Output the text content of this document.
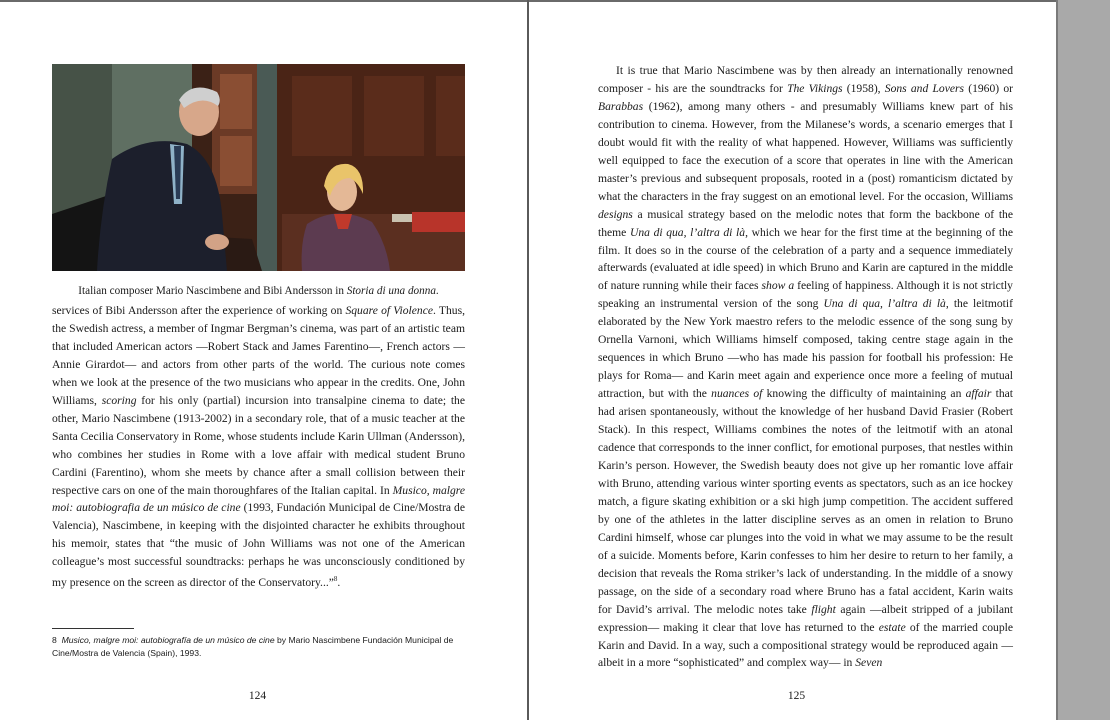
Italian composer Mario Nascimbene and Bibi Andersson in Storia di una donna.

services of Bibi Andersson after the experience of working on Square of Violence. Thus, the Swedish actress, a member of Ingmar Bergman’s cinema, was part of an artistic team that included American actors —Robert Stack and James Farentino—, French actors —Annie Girardot— and actors from other parts of the world. The curious note comes when we look at the presence of the two musicians who appear in the credits. One, John Williams, scoring for his only (partial) incursion into transalpine cinema to date; the other, Mario Nascimbene (1913-2002) in a secondary role, that of a music teacher at the Santa Cecilia Conservatory in Rome, whose students include Karin Ullman (Andersson), who combines her studies in Rome with a love affair with medical student Bruno Cardini (Farentino), whom she meets by chance after a small collision between their respective cars on one of the main thoroughfares of the Italian capital. In Musico, malgre moi: autobiografia de un músico de cine (1993, Fundación Municipal de Cine/Mostra de Valencia), Nascimbene, in keeping with the disjointed character he exhibits throughout his memoir, states that “the music of John Williams was not one of the American colleague’s most successful soundtracks: perhaps he was unconsciously conditioned by my presence on the screen as director of the Conservatory...”$^8$.

8 Musico, malgre moi: autobiografía de un músico de cine by Mario Nascimbene Fundación Municipal de Cine/Mostra de Valencia (Spain), 1993.
124

It is true that Mario Nascimbene was by then already an internationally renowned composer - his are the soundtracks for The Vikings (1958), Sons and Lovers (1960) or Barabbas (1962), among many others - and presumably Williams knew part of his contribution to cinema. However, from the Milanese’s words, a scenario emerges that I doubt would fit with the reality of what happened. However, Williams was sufficiently well equipped to face the execution of a score that operates in line with the American master’s previous and subsequent proposals, rooted in a (post) romanticism dictated by what the characters in the fray suggest on an emotional level. For the occasion, Williams designs a musical strategy based on the melodic notes that form the backbone of the theme Una di qua, l’altra di là, which we hear for the first time at the beginning of the film. It does so in the course of the celebration of a party and a sequence immediately afterwards (evaluated at idle speed) in which Bruno and Karin are captured in the middle of nature running while their faces show a feeling of happiness. Although it is not strictly speaking an instrumental version of the song Una di qua, l’altra di là, the leitmotif elaborated by the New York maestro refers to the melodic essence of the song sung by Ornella Varnoni, which Williams himself composed, taking centre stage again in the sequences in which Bruno —who has made his passion for football his profession: He plays for Roma— and Karin meet again and experience once more a feeling of mutual attraction, but with the nuances of knowing the difficulty of maintaining an affair that had arisen spontaneously, without the knowledge of her husband David Frasier (Robert Stack). In this respect, Williams combines the notes of the leitmotif with an atonal cadence that corresponds to the inner conflict, for emotional purposes, that nestles within Karin’s person. However, the Swedish beauty does not give up her romantic love affair with Bruno, attending various winter sporting events as spectators, such as an ice hockey match, a figure skating exhibition or a ski high jump competition. The accident suffered by one of the athletes in the latter discipline serves as an omen in relation to Bruno Cardini himself, whose car plunges into the void in what we may assume to be the result of a suicide. Moments before, Karin confesses to him her desire to return to her family, a decision that reveals the Roma striker’s lack of understanding. In the middle of a snowy passage, on the side of a secondary road where Bruno has a fatal accident, Karin waits for David’s arrival. The melodic notes take flight again —albeit stripped of a jubilant expression— making it clear that love has returned to the estate of the married couple Karin and David. In a way, such a compositional strategy would be reproduced again —albeit in a more “sophisticated” and complex way— in Seven

125
